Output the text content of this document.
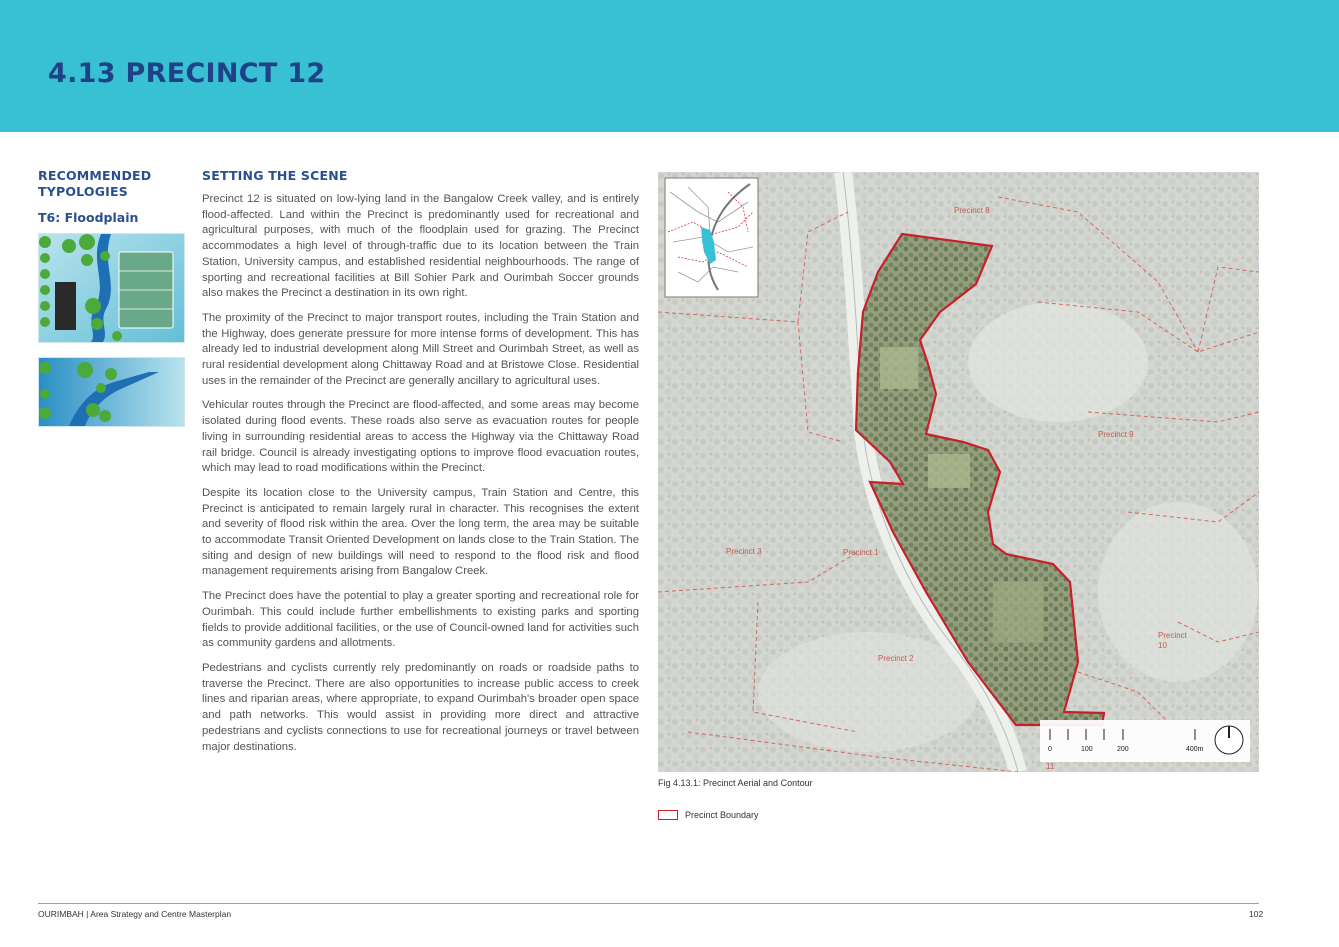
4.13 PRECINCT 12

RECOMMENDED TYPOLOGIES

T6: Floodplain

SETTING THE SCENE

Precinct 12 is situated on low-lying land in the Bangalow Creek valley, and is entirely flood-affected. Land within the Precinct is predominantly used for recreational and agricultural purposes, with much of the floodplain used for grazing. The Precinct accommodates a high level of through-traffic due to its location between the Train Station, University campus, and established residential neighbourhoods. The range of sporting and recreational facilities at Bill Sohier Park and Ourimbah Soccer grounds also makes the Precinct a destination in its own right.

The proximity of the Precinct to major transport routes, including the Train Station and the Highway, does generate pressure for more intense forms of development. This has already led to industrial development along Mill Street and Ourimbah Street, as well as rural residential development along Chittaway Road and at Bristowe Close. Residential uses in the remainder of the Precinct are generally ancillary to agricultural uses.

Vehicular routes through the Precinct are flood-affected, and some areas may become isolated during flood events. These roads also serve as evacuation routes for people living in surrounding residential areas to access the Highway via the Chittaway Road rail bridge. Council is already investigating options to improve flood evacuation routes, which may lead to road modifications within the Precinct.

Despite its location close to the University campus, Train Station and Centre, this Precinct is anticipated to remain largely rural in character. This recognises the extent and severity of flood risk within the area. Over the long term, the area may be suitable to accommodate Transit Oriented Development on lands close to the Train Station. The siting and design of new buildings will need to respond to the flood risk and flood management requirements arising from Bangalow Creek.

The Precinct does have the potential to play a greater sporting and recreational role for Ourimbah. This could include further embellishments to existing parks and sporting fields to provide additional facilities, or the use of Council-owned land for activities such as community gardens and allotments.

Pedestrians and cyclists currently rely predominantly on roads or roadside paths to traverse the Precinct. There are also opportunities to increase public access to creek lines and riparian areas, where appropriate, to expand Ourimbah's broader open space and path networks. This would assist in providing more direct and attractive pedestrians and cyclists connections to use for recreational journeys or travel between major destinations.

Precinct 8
Precinct 9
Precinct 3	Precinct 1
Precinct 2
Precinct
10
11
0	100	200	400m
Fig 4.13.1: Precinct Aerial and Contour
Precinct Boundary
OURIMBAH | Area Strategy and Centre Masterplan	102
